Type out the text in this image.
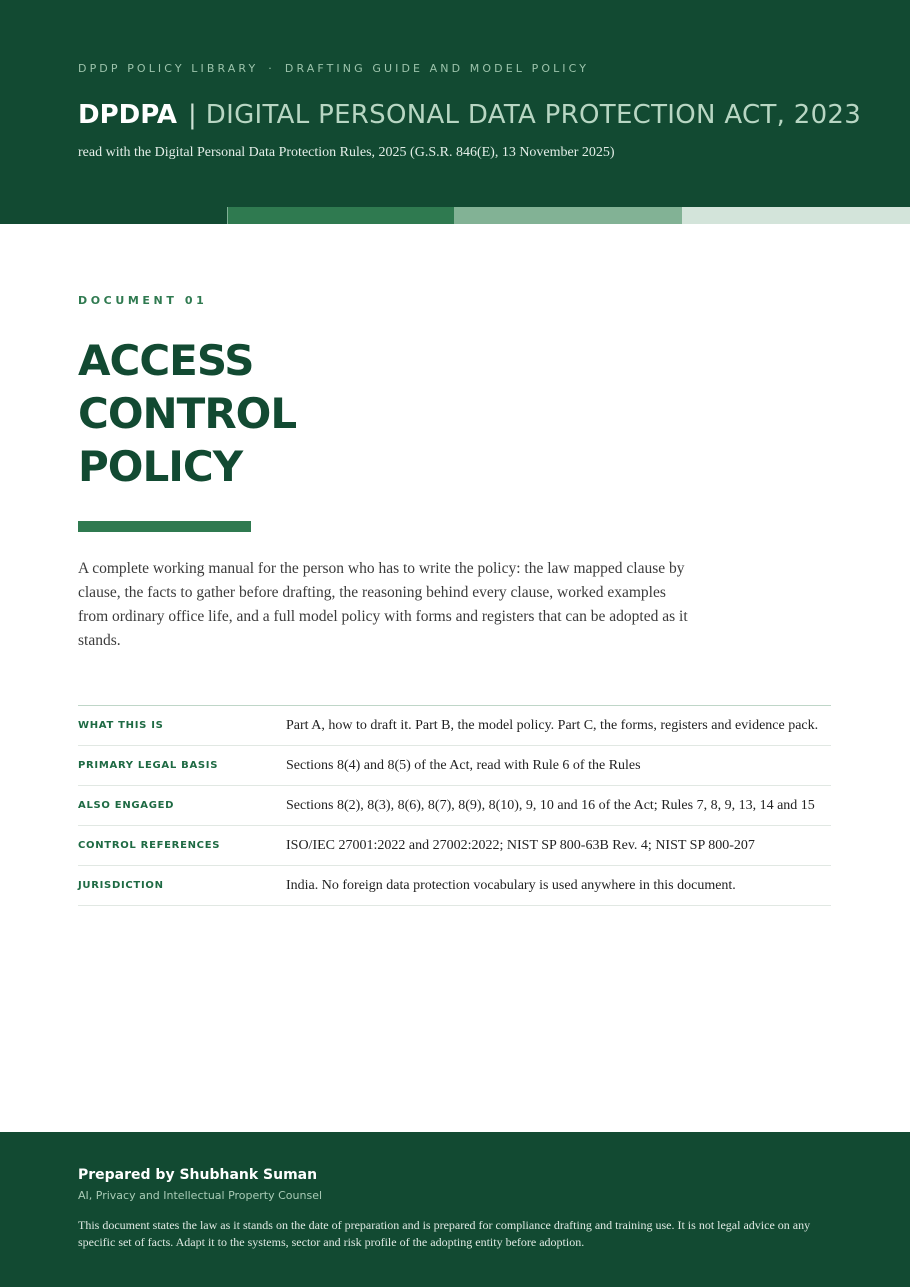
DPDP POLICY LIBRARY · DRAFTING GUIDE AND MODEL POLICY
DPDPA | DIGITAL PERSONAL DATA PROTECTION ACT, 2023
read with the Digital Personal Data Protection Rules, 2025 (G.S.R. 846(E), 13 November 2025)
DOCUMENT 01
ACCESS
CONTROL
POLICY

A complete working manual for the person who has to write the policy: the law mapped clause by clause, the facts to gather before drafting, the reasoning behind every clause, worked examples from ordinary office life, and a full model policy with forms and registers that can be adopted as it stands.

WHAT THIS IS	Part A, how to draft it. Part B, the model policy. Part C, the forms, registers and evidence pack.
PRIMARY LEGAL BASIS	Sections 8(4) and 8(5) of the Act, read with Rule 6 of the Rules
ALSO ENGAGED	Sections 8(2), 8(3), 8(6), 8(7), 8(9), 8(10), 9, 10 and 16 of the Act; Rules 7, 8, 9, 13, 14 and 15
CONTROL REFERENCES	ISO/IEC 27001:2022 and 27002:2022; NIST SP 800-63B Rev. 4; NIST SP 800-207
JURISDICTION	India. No foreign data protection vocabulary is used anywhere in this document.
Prepared by Shubhank Suman
AI, Privacy and Intellectual Property Counsel

This document states the law as it stands on the date of preparation and is prepared for compliance drafting and training use. It is not legal advice on any specific set of facts. Adapt it to the systems, sector and risk profile of the adopting entity before adoption.
